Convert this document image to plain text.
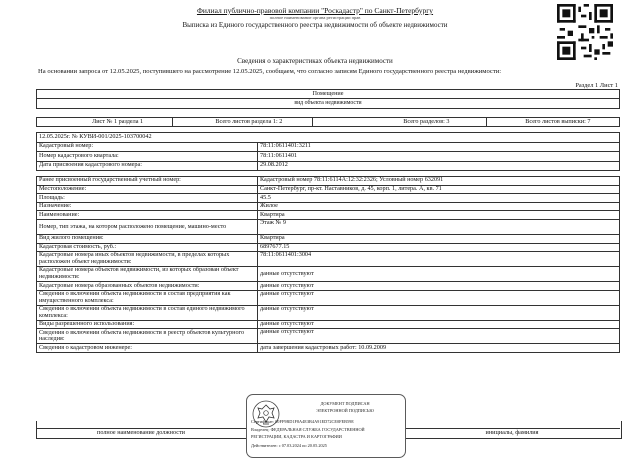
Филиал публично-правовой компании "Роскадастр" по Санкт-Петербургу
полное наименование органа регистрации прав
Выписка из Единого государственного реестра недвижимости об объекте недвижимости
Сведения о характеристиках объекта недвижимости
На основании запроса от 12.05.2025, поступившего на рассмотрение 12.05.2025, сообщаем, что согласно записям Единого государственного реестра недвижимости:
Раздел 1 Лист 1
Помещение
вид объекта недвижимости

Лист № 1 раздела 1	Всего листов раздела 1: 2	Всего разделов: 3	Всего листов выписки: 7
12.05.2025г. № КУВИ-001/2025-103700042	
Кадастровый номер:	78:11:0611401:3211
Номер кадастрового квартала:	78:11:0611401
Дата присвоения кадастрового номера:	29.08.2012
Ранее присвоенный государственный учетный номер:	Кадастровый номер 78:11:6114А:12:32:2326; Условный номер 632091
Местоположение:	Санкт-Петербург, пр-кт. Наставников, д. 45, корп. 1, литера. А, кв. 71
Площадь:	45.5
Назначение:	Жилое
Наименование:	Квартира
Номер, тип этажа, на котором расположено помещение, машино-место	Этаж № 9
Вид жилого помещения:	Квартира
Кадастровая стоимость, руб.:	6897677.15
Кадастровые номера иных объектов недвижимости, в пределах которых расположен объект недвижимости:	78:11:0611401:3004
Кадастровые номера объектов недвижимости, из которых образован объект недвижимости:	данные отсутствуют
Кадастровые номера образованных объектов недвижимости:	данные отсутствуют
Сведения о включении объекта недвижимости в состав предприятия как имущественного комплекса:	данные отсутствуют
Сведения о включении объекта недвижимости в состав единого недвижимого комплекса:	данные отсутствуют
Виды разрешенного использования:	данные отсутствуют
Сведения о включении объекта недвижимости в реестр объектов культурного наследия:	данные отсутствуют
Сведения о кадастровом инженере:	дата завершения кадастровых работ: 10.09.2009
полное наименование должности	инициалы, фамилия
ДОКУМЕНТ ПОДПИСАН
ЭЛЕКТРОННОЙ ПОДПИСЬЮ
Сертификат: 00FF9BD1F8A4EЗB4A91ED72CЕ0FEB59E
Владелец: ФЕДЕРАЛЬНАЯ СЛУЖБА ГОСУДАРСТВЕННОЙ
РЕГИСТРАЦИИ, КАДАСТРА И КАРТОГРАФИИ
Действителен: с 07.03.2024 по 20.05.2025
